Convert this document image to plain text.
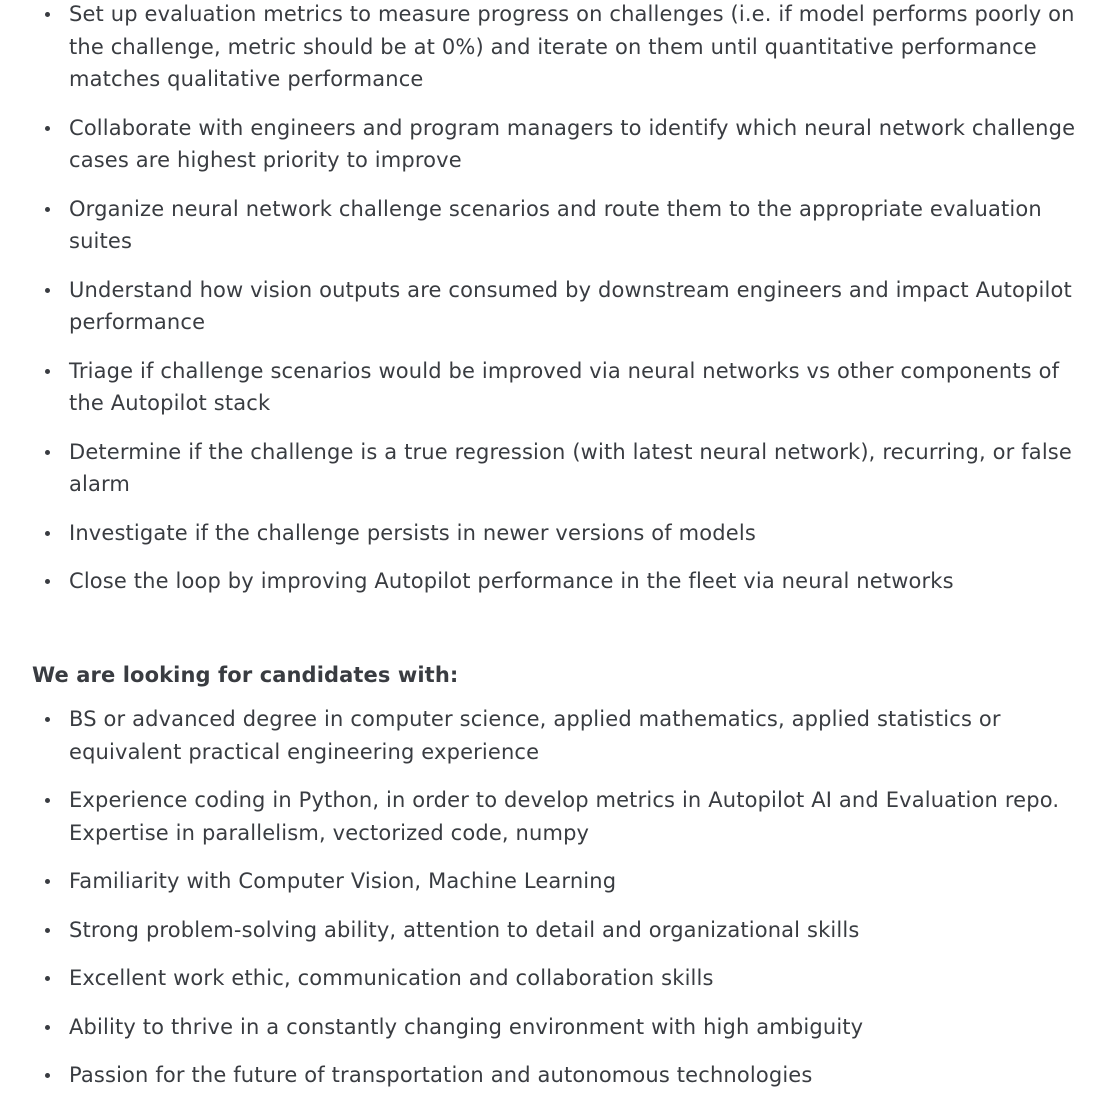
Set up evaluation metrics to measure progress on challenges (i.e. if model performs poorly on the challenge, metric should be at 0%) and iterate on them until quantitative performance matches qualitative performance
Collaborate with engineers and program managers to identify which neural network challenge cases are highest priority to improve
Organize neural network challenge scenarios and route them to the appropriate evaluation suites
Understand how vision outputs are consumed by downstream engineers and impact Autopilot performance
Triage if challenge scenarios would be improved via neural networks vs other components of the Autopilot stack
Determine if the challenge is a true regression (with latest neural network), recurring, or false alarm
Investigate if the challenge persists in newer versions of models
Close the loop by improving Autopilot performance in the fleet via neural networks

We are looking for candidates with:

BS or advanced degree in computer science, applied mathematics, applied statistics or equivalent practical engineering experience
Experience coding in Python, in order to develop metrics in Autopilot AI and Evaluation repo. Expertise in parallelism, vectorized code, numpy
Familiarity with Computer Vision, Machine Learning
Strong problem-solving ability, attention to detail and organizational skills
Excellent work ethic, communication and collaboration skills
Ability to thrive in a constantly changing environment with high ambiguity
Passion for the future of transportation and autonomous technologies
